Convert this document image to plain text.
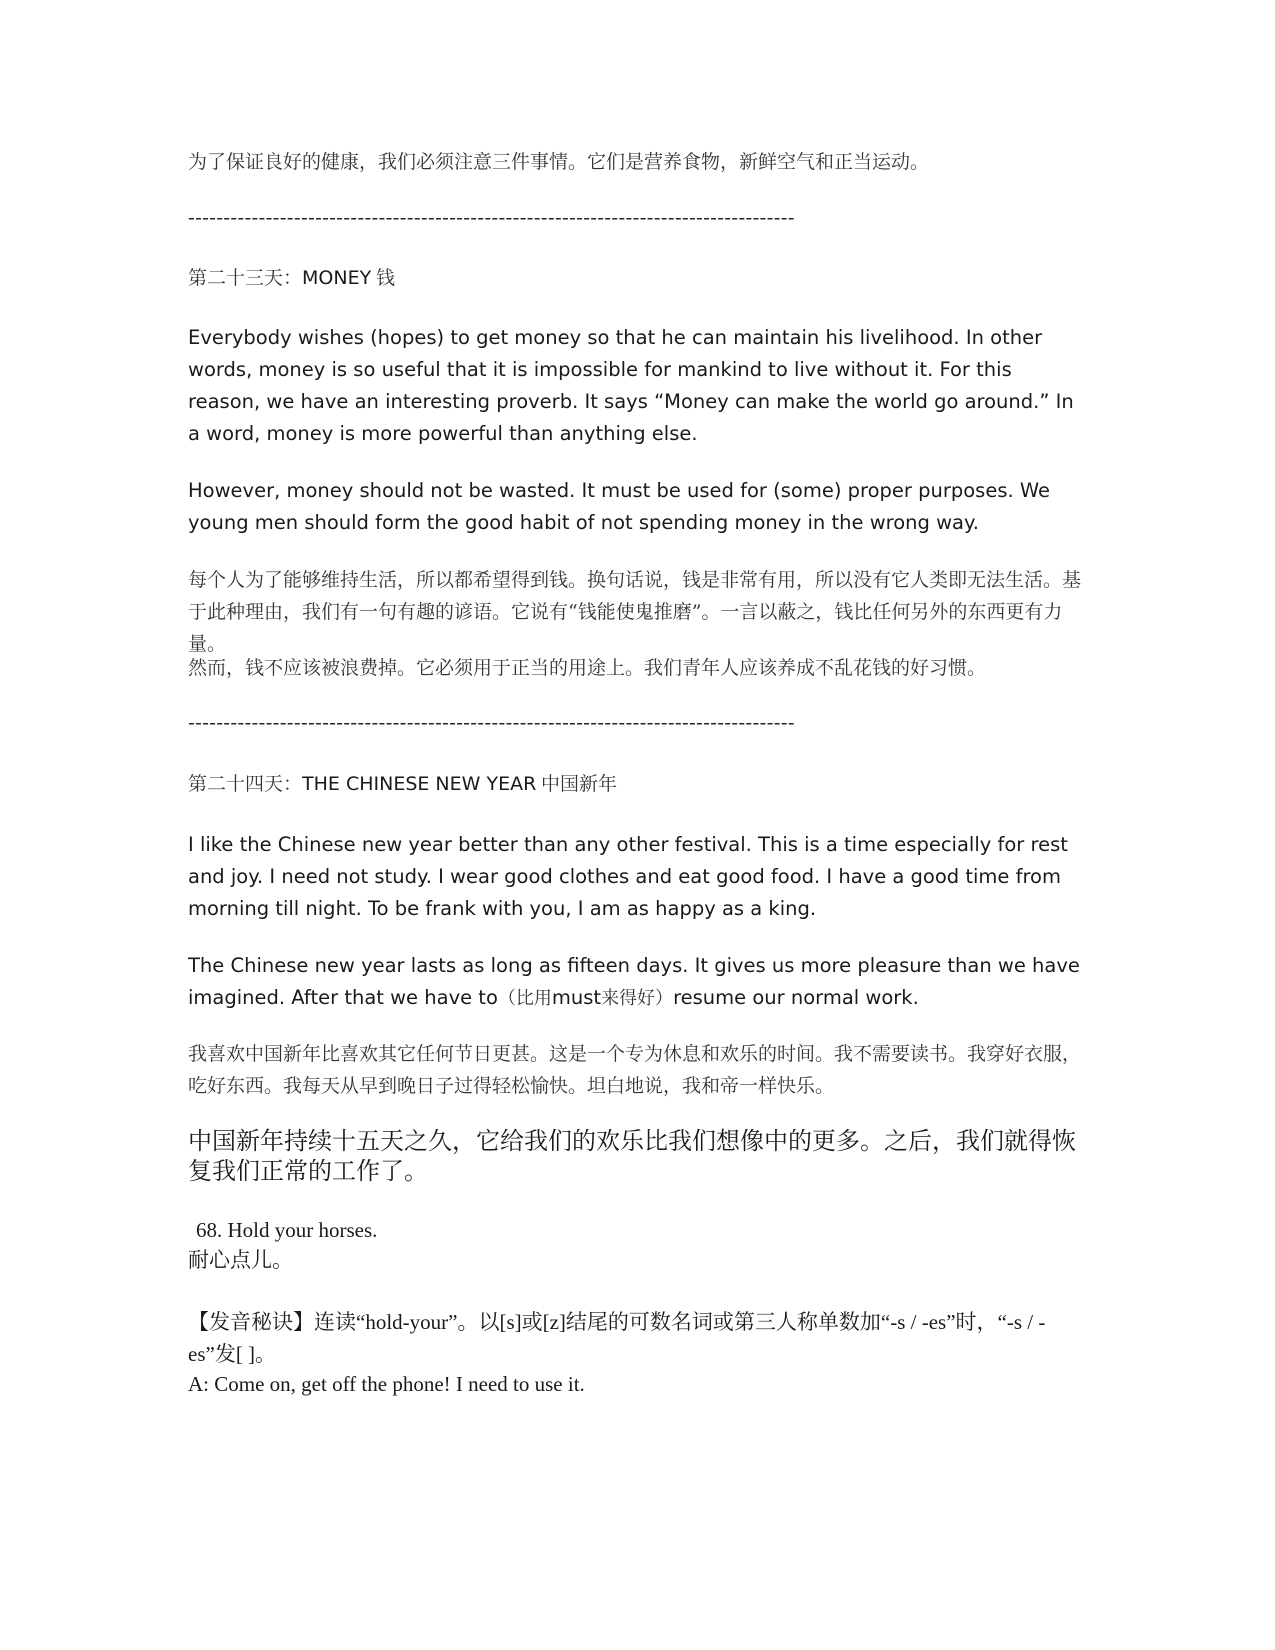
为了保证良好的健康，我们必须注意三件事情。它们是营养食物，新鲜空气和正当运动。

--------------------------------------------------------------------------------------

第二十三天：MONEY 钱

Everybody wishes (hopes) to get money so that he can maintain his livelihood. In other words, money is so useful that it is impossible for mankind to live without it. For this reason, we have an interesting proverb. It says “Money can make the world go around.” In a word, money is more powerful than anything else.

However, money should not be wasted. It must be used for (some) proper purposes. We young men should form the good habit of not spending money in the wrong way.

每个人为了能够维持生活，所以都希望得到钱。换句话说，钱是非常有用，所以没有它人类即无法生活。基于此种理由，我们有一句有趣的谚语。它说有“钱能使鬼推磨”。一言以蔽之，钱比任何另外的东西更有力量。

然而，钱不应该被浪费掉。它必须用于正当的用途上。我们青年人应该养成不乱花钱的好习惯。

--------------------------------------------------------------------------------------

第二十四天：THE CHINESE NEW YEAR 中国新年

I like the Chinese new year better than any other festival. This is a time especially for rest and joy. I need not study. I wear good clothes and eat good food. I have a good time from morning till night. To be frank with you, I am as happy as a king.

The Chinese new year lasts as long as fifteen days. It gives us more pleasure than we have imagined. After that we have to（比用must来得好）resume our normal work.

我喜欢中国新年比喜欢其它任何节日更甚。这是一个专为休息和欢乐的时间。我不需要读书。我穿好衣服，吃好东西。我每天从早到晚日子过得轻松愉快。坦白地说，我和帝一样快乐。

中国新年持续十五天之久，它给我们的欢乐比我们想像中的更多。之后，我们就得恢复我们正常的工作了。

68. Hold your horses.

耐心点儿。

【发音秘诀】连读“hold-your”。以[s]或[z]结尾的可数名词或第三人称单数加“-s / -es”时，“-s / -es”发[ ]。

A: Come on, get off the phone! I need to use it.
